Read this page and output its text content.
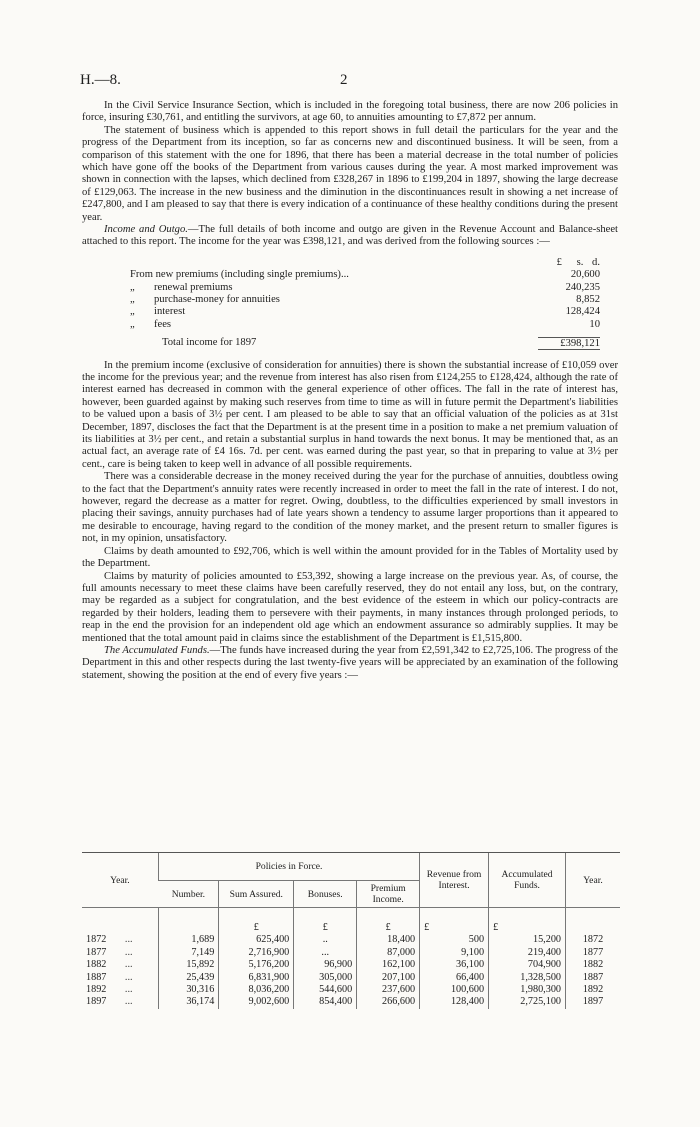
H.—8.	2

In the Civil Service Insurance Section, which is included in the foregoing total business, there are now 206 policies in force, insuring £30,761, and entitling the survivors, at age 60, to annuities amounting to £7,872 per annum.

The statement of business which is appended to this report shows in full detail the particulars for the year and the progress of the Department from its inception, so far as concerns new and discontinued business. It will be seen, from a comparison of this statement with the one for 1896, that there has been a material decrease in the total number of policies which have gone off the books of the Department from various causes during the year. A most marked improvement was shown in connection with the lapses, which declined from £328,267 in 1896 to £199,204 in 1897, showing the large decrease of £129,063. The increase in the new business and the diminution in the discontinuances result in showing a net increase of £247,800, and I am pleased to say that there is every indication of a continuance of these healthy conditions during the present year.

Income and Outgo.—The full details of both income and outgo are given in the Revenue Account and Balance-sheet attached to this report. The income for the year was £398,121, and was derived from the following sources :—

£ s. d.
From new premiums (including single premiums)...	20,600
„ renewal premiums	240,235
„ purchase-money for annuities	8,852
„ interest	128,424
„ fees	10
Total income for 1897	£398,121

In the premium income (exclusive of consideration for annuities) there is shown the substantial increase of £10,059 over the income for the previous year; and the revenue from interest has also risen from £124,255 to £128,424, although the rate of interest earned has decreased in common with the general experience of other offices. The fall in the rate of interest has, however, been guarded against by making such reserves from time to time as will in future permit the Department's liabilities to be valued upon a basis of 3½ per cent. I am pleased to be able to say that an official valuation of the policies as at 31st December, 1897, discloses the fact that the Department is at the present time in a position to make a net premium valuation of its liabilities at 3½ per cent., and retain a substantial surplus in hand towards the next bonus. It may be mentioned that, as an actual fact, an average rate of £4 16s. 7d. per cent. was earned during the past year, so that in preparing to value at 3½ per cent., care is being taken to keep well in advance of all possible requirements.

There was a considerable decrease in the money received during the year for the purchase of annuities, doubtless owing to the fact that the Department's annuity rates were recently increased in order to meet the fall in the rate of interest. I do not, however, regard the decrease as a matter for regret. Owing, doubtless, to the difficulties experienced by small investors in placing their savings, annuity purchases had of late years shown a tendency to assume larger proportions than it appeared to me desirable to encourage, having regard to the condition of the money market, and the present return to smaller figures is not, in my opinion, unsatisfactory.

Claims by death amounted to £92,706, which is well within the amount provided for in the Tables of Mortality used by the Department.

Claims by maturity of policies amounted to £53,392, showing a large increase on the previous year. As, of course, the full amounts necessary to meet these claims have been carefully reserved, they do not entail any loss, but, on the contrary, may be regarded as a subject for congratulation, and the best evidence of the esteem in which our policy-contracts are regarded by their holders, leading them to persevere with their payments, in many instances through prolonged periods, to reap in the end the provision for an independent old age which an endowment assurance so admirably supplies. It may be mentioned that the total amount paid in claims since the establishment of the Department is £1,515,800.

The Accumulated Funds.—The funds have increased during the year from £2,591,342 to £2,725,106. The progress of the Department in this and other respects during the last twenty-five years will be appreciated by an examination of the following statement, showing the position at the end of every five years :—

Year.	Policies in Force.				Revenue from Interest.	Accumulated Funds.	Year.
	Number.	Sum Assured.	Bonuses.	Premium Income.			

		£	£	£	£	£	
1872 ...	1,689	625,400	..	18,400	500	15,200	1872
1877 ...	7,149	2,716,900	...	87,000	9,100	219,400	1877
1882 ...	15,892	5,176,200	96,900	162,100	36,100	704,900	1882
1887 ...	25,439	6,831,900	305,000	207,100	66,400	1,328,500	1887
1892 ...	30,316	8,036,200	544,600	237,600	100,600	1,980,300	1892
1897 ...	36,174	9,002,600	854,400	266,600	128,400	2,725,100	1897
